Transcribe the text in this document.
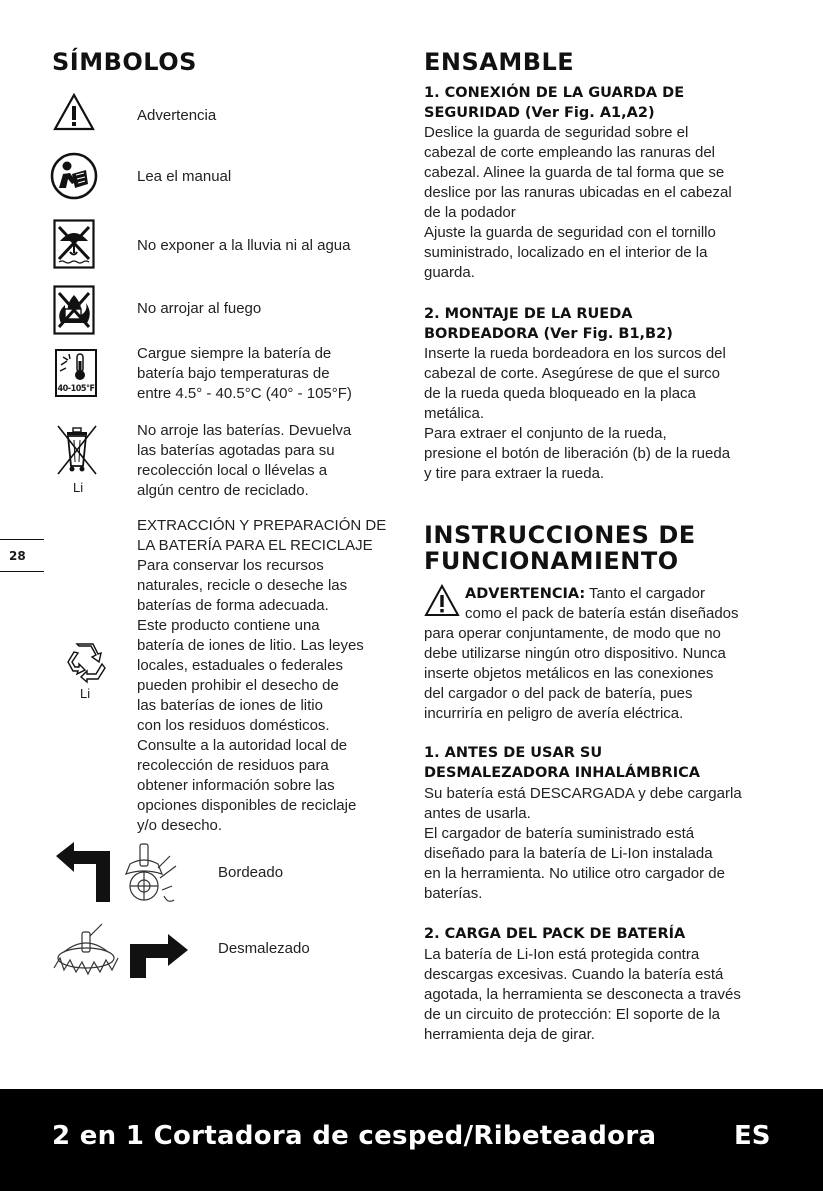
SÍMBOLOS

Advertencia

Lea el manual

No exponer a la lluvia ni al agua

No arrojar al fuego

40-105°F

Cargue siempre la batería de

batería bajo temperaturas de

entre 4.5° - 40.5°C (40° - 105°F)

Li

No arroje las baterías. Devuelva

las baterías agotadas para su

recolección local o llévelas a

algún centro de reciclado.

Li

EXTRACCIÓN Y PREPARACIÓN DE

LA BATERÍA PARA EL RECICLAJE

Para conservar los recursos

naturales, recicle o deseche las

baterías de forma adecuada.

Este producto contiene una

batería de iones de litio. Las leyes

locales, estaduales o federales

pueden prohibir el desecho de

las baterías de iones de litio

con los residuos domésticos.

Consulte a la autoridad local de

recolección de residuos para

obtener información sobre las

opciones disponibles de reciclaje

y/o desecho.

Bordeado

Desmalezado

28
ENSAMBLE

1. CONEXIÓN DE LA GUARDA DE

SEGURIDAD (Ver Fig. A1,A2)

Deslice la guarda de seguridad sobre el

cabezal de corte empleando las ranuras del

cabezal. Alinee la guarda de tal forma que se

deslice por las ranuras ubicadas en el cabezal

de la podador

Ajuste la guarda de seguridad con el tornillo

suministrado, localizado en el interior de la

guarda.

2. MONTAJE DE LA RUEDA

BORDEADORA (Ver Fig. B1,B2)

Inserte la rueda bordeadora en los surcos del

cabezal de corte. Asegúrese de que el surco

de la rueda queda bloqueado en la placa

metálica.

Para extraer el conjunto de la rueda,

presione el botón de liberación (b) de la rueda

y tire para extraer la rueda.

INSTRUCCIONES DE

FUNCIONAMIENTO

ADVERTENCIA: Tanto el cargador

como el pack de batería están diseñados

para operar conjuntamente, de modo que no

debe utilizarse ningún otro dispositivo. Nunca

inserte objetos metálicos en las conexiones

del cargador o del pack de batería, pues

incurriría en peligro de avería eléctrica.

1. ANTES DE USAR SU

DESMALEZADORA INHALÁMBRICA

Su batería está DESCARGADA y debe cargarla

antes de usarla.

El cargador de batería suministrado está

diseñado para la batería de Li-Ion instalada

en la herramienta. No utilice otro cargador de

baterías.

2. CARGA DEL PACK DE BATERÍA

La batería de Li-Ion está protegida contra

descargas excesivas. Cuando la batería está

agotada, la herramienta se desconecta a través

de un circuito de protección: El soporte de la

herramienta deja de girar.

2 en 1 Cortadora de cesped/Ribeteadora	ES
